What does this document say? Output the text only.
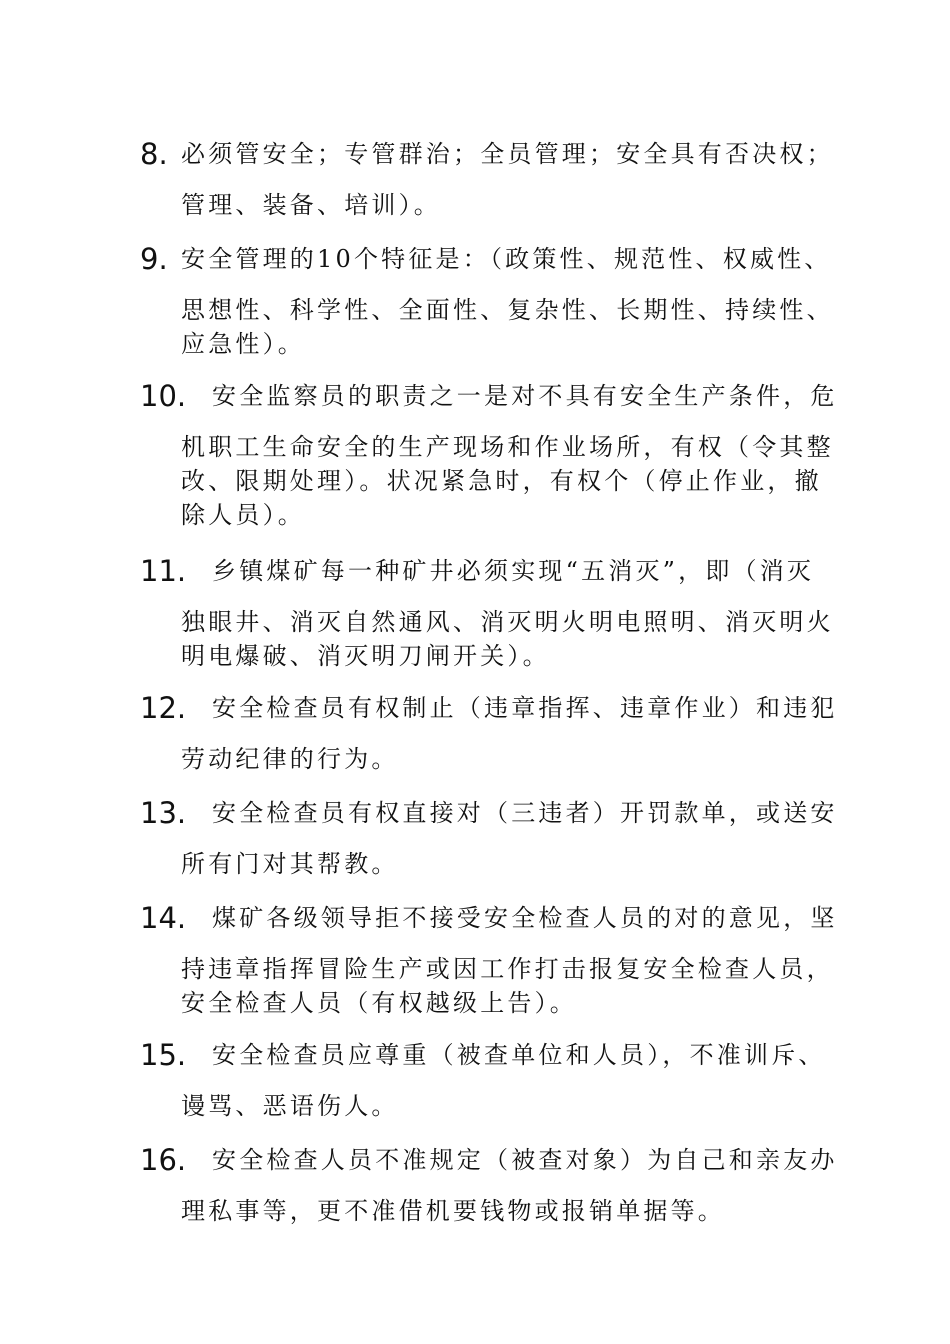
8. 必须管安全；专管群治；全员管理；安全具有否决权；
管理、装备、培训）。
9. 安全管理的10个特征是：（政策性、规范性、权威性、
思想性、科学性、全面性、复杂性、长期性、持续性、
应急性）。
10.	安全监察员的职责之一是对不具有安全生产条件，危
机职工生命安全的生产现场和作业场所，有权（令其整
改、限期处理）。状况紧急时，有权个（停止作业，撤
除人员）。
11.	乡镇煤矿每一种矿井必须实现“五消灭”，即（消灭
独眼井、消灭自然通风、消灭明火明电照明、消灭明火
明电爆破、消灭明刀闸开关）。
12.	安全检查员有权制止（违章指挥、违章作业）和违犯
劳动纪律的行为。
13.	安全检查员有权直接对（三违者）开罚款单，或送安
所有门对其帮教。
14.	煤矿各级领导拒不接受安全检查人员的对的意见，坚
持违章指挥冒险生产或因工作打击报复安全检查人员，
安全检查人员（有权越级上告）。
15.	安全检查员应尊重（被查单位和人员），不准训斥、
谩骂、恶语伤人。
16.	安全检查人员不准规定（被查对象）为自己和亲友办
理私事等，更不准借机要钱物或报销单据等。
